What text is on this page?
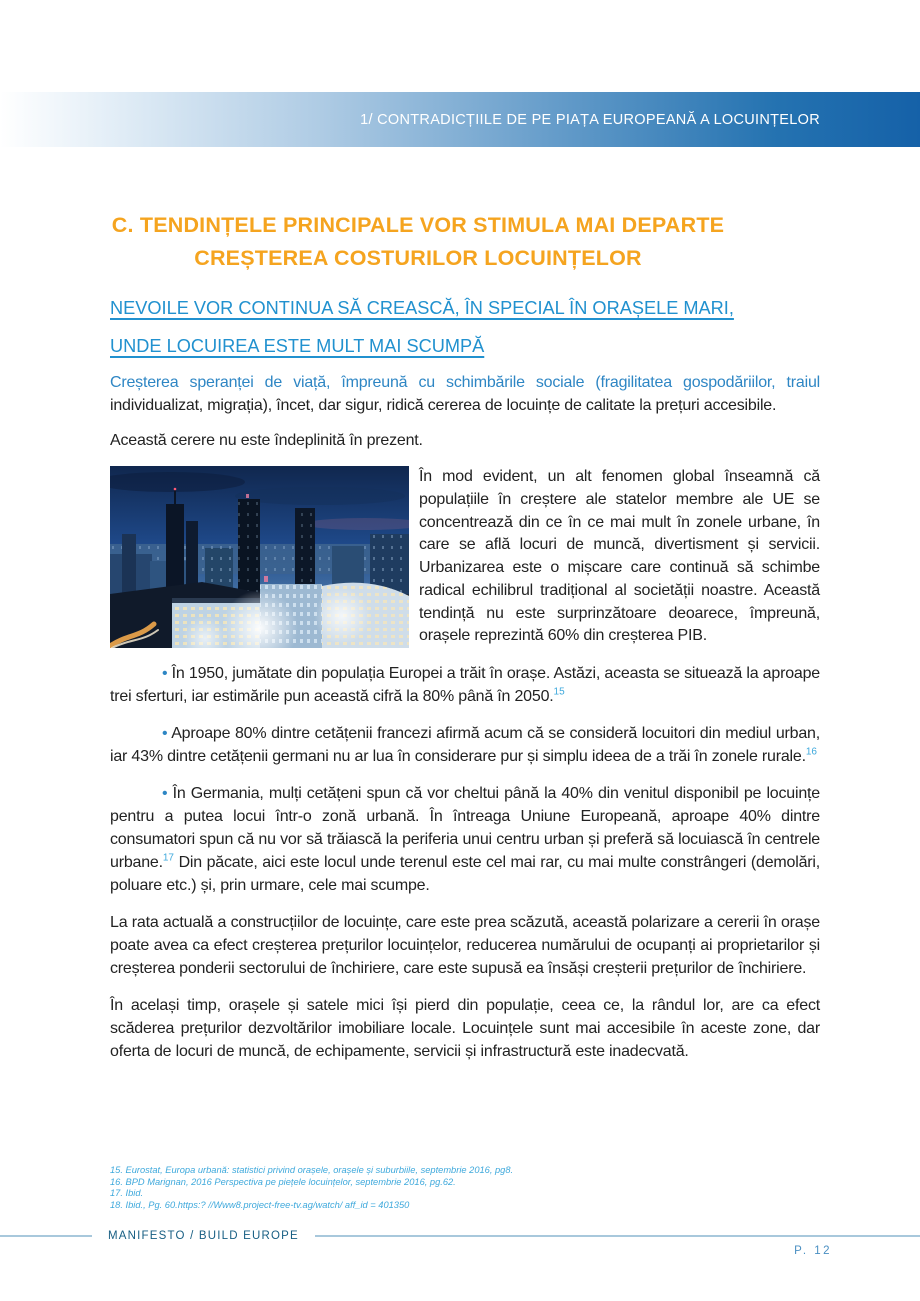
1/ CONTRADICȚIILE DE PE PIAȚA EUROPEANĂ A LOCUINȚELOR
C. TENDINȚELE PRINCIPALE VOR STIMULA MAI DEPARTE
CREȘTEREA COSTURILOR LOCUINȚELOR
NEVOILE VOR CONTINUA SĂ CREASCĂ, ÎN SPECIAL ÎN ORAȘELE MARI,
UNDE LOCUIREA ESTE MULT MAI SCUMPĂ

Creșterea speranței de viață, împreună cu schimbările sociale (fragilitatea gospodăriilor, traiul individualizat, migrația), încet, dar sigur, ridică cererea de locuințe de calitate la prețuri accesibile.

Această cerere nu este îndeplinită în prezent.

În mod evident, un alt fenomen global înseamnă că populațiile în creștere ale statelor membre ale UE se concentrează din ce în ce mai mult în zonele urbane, în care se află locuri de muncă, divertisment și servicii. Urbanizarea este o mișcare care continuă să schimbe radical echilibrul tradițional al societății noastre. Această tendință nu este surprinzătoare deoarece, împreună, orașele reprezintă 60% din creșterea PIB.

• În 1950, jumătate din populația Europei a trăit în orașe. Astăzi, aceasta se situează la aproape trei sferturi, iar estimările pun această cifră la 80% până în 2050.15

• Aproape 80% dintre cetățenii francezi afirmă acum că se consideră locuitori din mediul urban, iar 43% dintre cetățenii germani nu ar lua în considerare pur și simplu ideea de a trăi în zonele rurale.$^{16}$

• În Germania, mulți cetățeni spun că vor cheltui până la 40% din venitul disponibil pe locuințe pentru a putea locui într-o zonă urbană. În întreaga Uniune Europeană, aproape 40% dintre consumatori spun că nu vor să trăiască la periferia unui centru urban și preferă să locuiască în centrele urbane.$^{17}$ Din păcate, aici este locul unde terenul este cel mai rar, cu mai multe constrângeri (demolări, poluare etc.) și, prin urmare, cele mai scumpe.

La rata actuală a construcțiilor de locuințe, care este prea scăzută, această polarizare a cererii în orașe poate avea ca efect creșterea prețurilor locuințelor, reducerea numărului de ocupanți ai proprietarilor și creșterea ponderii sectorului de închiriere, care este supusă ea însăși creșterii prețurilor de închiriere.

În același timp, orașele și satele mici își pierd din populație, ceea ce, la rândul lor, are ca efect scăderea prețurilor dezvoltărilor imobiliare locale. Locuințele sunt mai accesibile în aceste zone, dar oferta de locuri de muncă, de echipamente, servicii și infrastructură este inadecvată.

15. Eurostat, Europa urbană: statistici privind orașele, orașele și suburbiile, septembrie 2016, pg8.
16. BPD Marignan, 2016 Perspectiva pe piețele locuințelor, septembrie 2016, pg.62.
17. Ibid.
18. Ibid., Pg. 60.https:? //Www8.project-free-tv.ag/watch/ aff_id = 401350
MANIFESTO / BUILD EUROPE
P. 12
